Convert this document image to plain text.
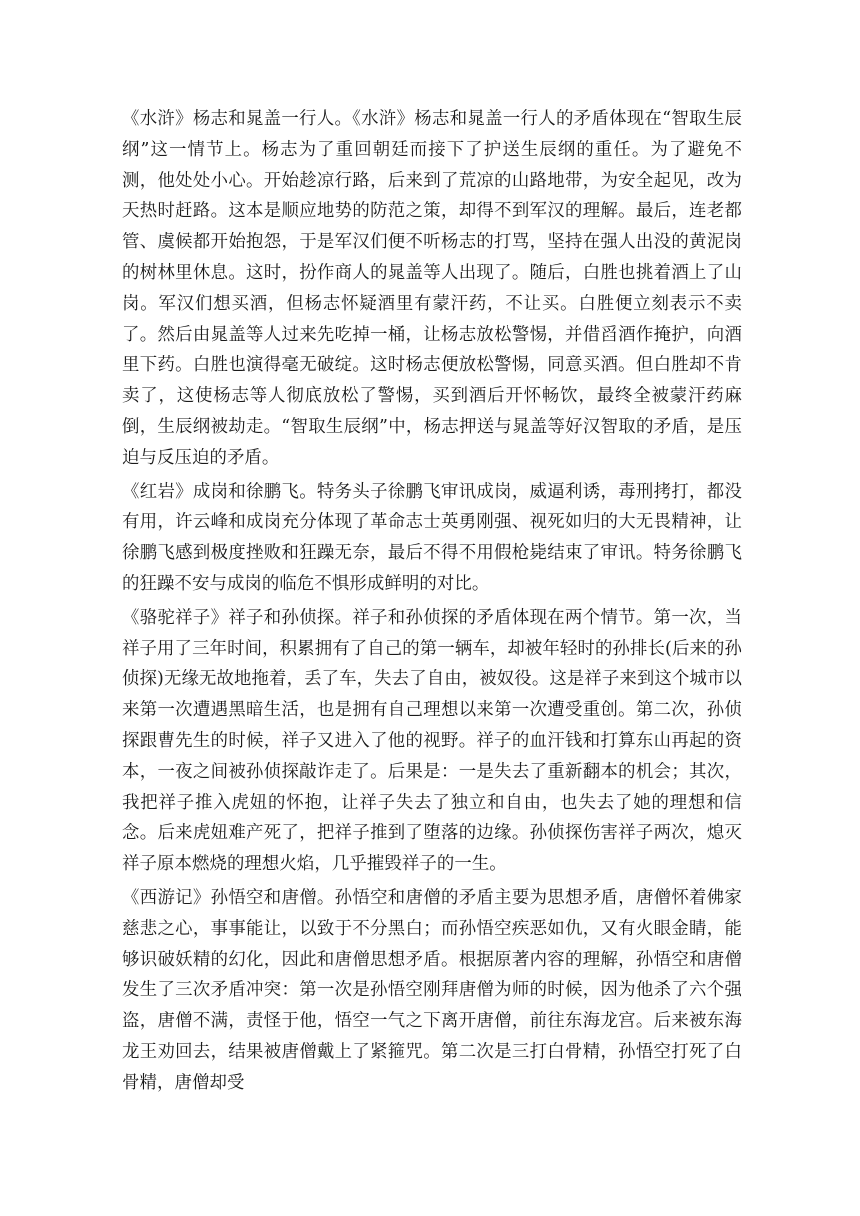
《水浒》杨志和晁盖一行人。《水浒》杨志和晁盖一行人的矛盾体现在“智取生辰纲”这一情节上。杨志为了重回朝廷而接下了护送生辰纲的重任。为了避免不测，他处处小心。开始趁凉行路，后来到了荒凉的山路地带，为安全起见，改为天热时赶路。这本是顺应地势的防范之策，却得不到军汉的理解。最后，连老都管、虞候都开始抱怨，于是军汉们便不听杨志的打骂，坚持在强人出没的黄泥岗的树林里休息。这时，扮作商人的晁盖等人出现了。随后，白胜也挑着酒上了山岗。军汉们想买酒，但杨志怀疑酒里有蒙汗药，不让买。白胜便立刻表示不卖了。然后由晁盖等人过来先吃掉一桶，让杨志放松警惕，并借舀酒作掩护，向酒里下药。白胜也演得毫无破绽。这时杨志便放松警惕，同意买酒。但白胜却不肯卖了，这使杨志等人彻底放松了警惕，买到酒后开怀畅饮，最终全被蒙汗药麻倒，生辰纲被劫走。“智取生辰纲”中，杨志押送与晁盖等好汉智取的矛盾，是压迫与反压迫的矛盾。

《红岩》成岗和徐鹏飞。特务头子徐鹏飞审讯成岗，威逼利诱，毒刑拷打，都没有用，许云峰和成岗充分体现了革命志士英勇刚强、视死如归的大无畏精神，让徐鹏飞感到极度挫败和狂躁无奈，最后不得不用假枪毙结束了审讯。特务徐鹏飞的狂躁不安与成岗的临危不惧形成鲜明的对比。

《骆驼祥子》祥子和孙侦探。祥子和孙侦探的矛盾体现在两个情节。第一次，当祥子用了三年时间，积累拥有了自己的第一辆车，却被年轻时的孙排长(后来的孙侦探)无缘无故地拖着，丢了车，失去了自由，被奴役。这是祥子来到这个城市以来第一次遭遇黑暗生活，也是拥有自己理想以来第一次遭受重创。第二次，孙侦探跟曹先生的时候，祥子又进入了他的视野。祥子的血汗钱和打算东山再起的资本，一夜之间被孙侦探敲诈走了。后果是：一是失去了重新翻本的机会；其次，我把祥子推入虎妞的怀抱，让祥子失去了独立和自由，也失去了她的理想和信念。后来虎妞难产死了，把祥子推到了堕落的边缘。孙侦探伤害祥子两次，熄灭祥子原本燃烧的理想火焰，几乎摧毁祥子的一生。

《西游记》孙悟空和唐僧。孙悟空和唐僧的矛盾主要为思想矛盾，唐僧怀着佛家慈悲之心，事事能让，以致于不分黑白；而孙悟空疾恶如仇，又有火眼金睛，能够识破妖精的幻化，因此和唐僧思想矛盾。根据原著内容的理解，孙悟空和唐僧发生了三次矛盾冲突：第一次是孙悟空刚拜唐僧为师的时候，因为他杀了六个强盗，唐僧不满，责怪于他，悟空一气之下离开唐僧，前往东海龙宫。后来被东海龙王劝回去，结果被唐僧戴上了紧箍咒。第二次是三打白骨精，孙悟空打死了白骨精，唐僧却受
